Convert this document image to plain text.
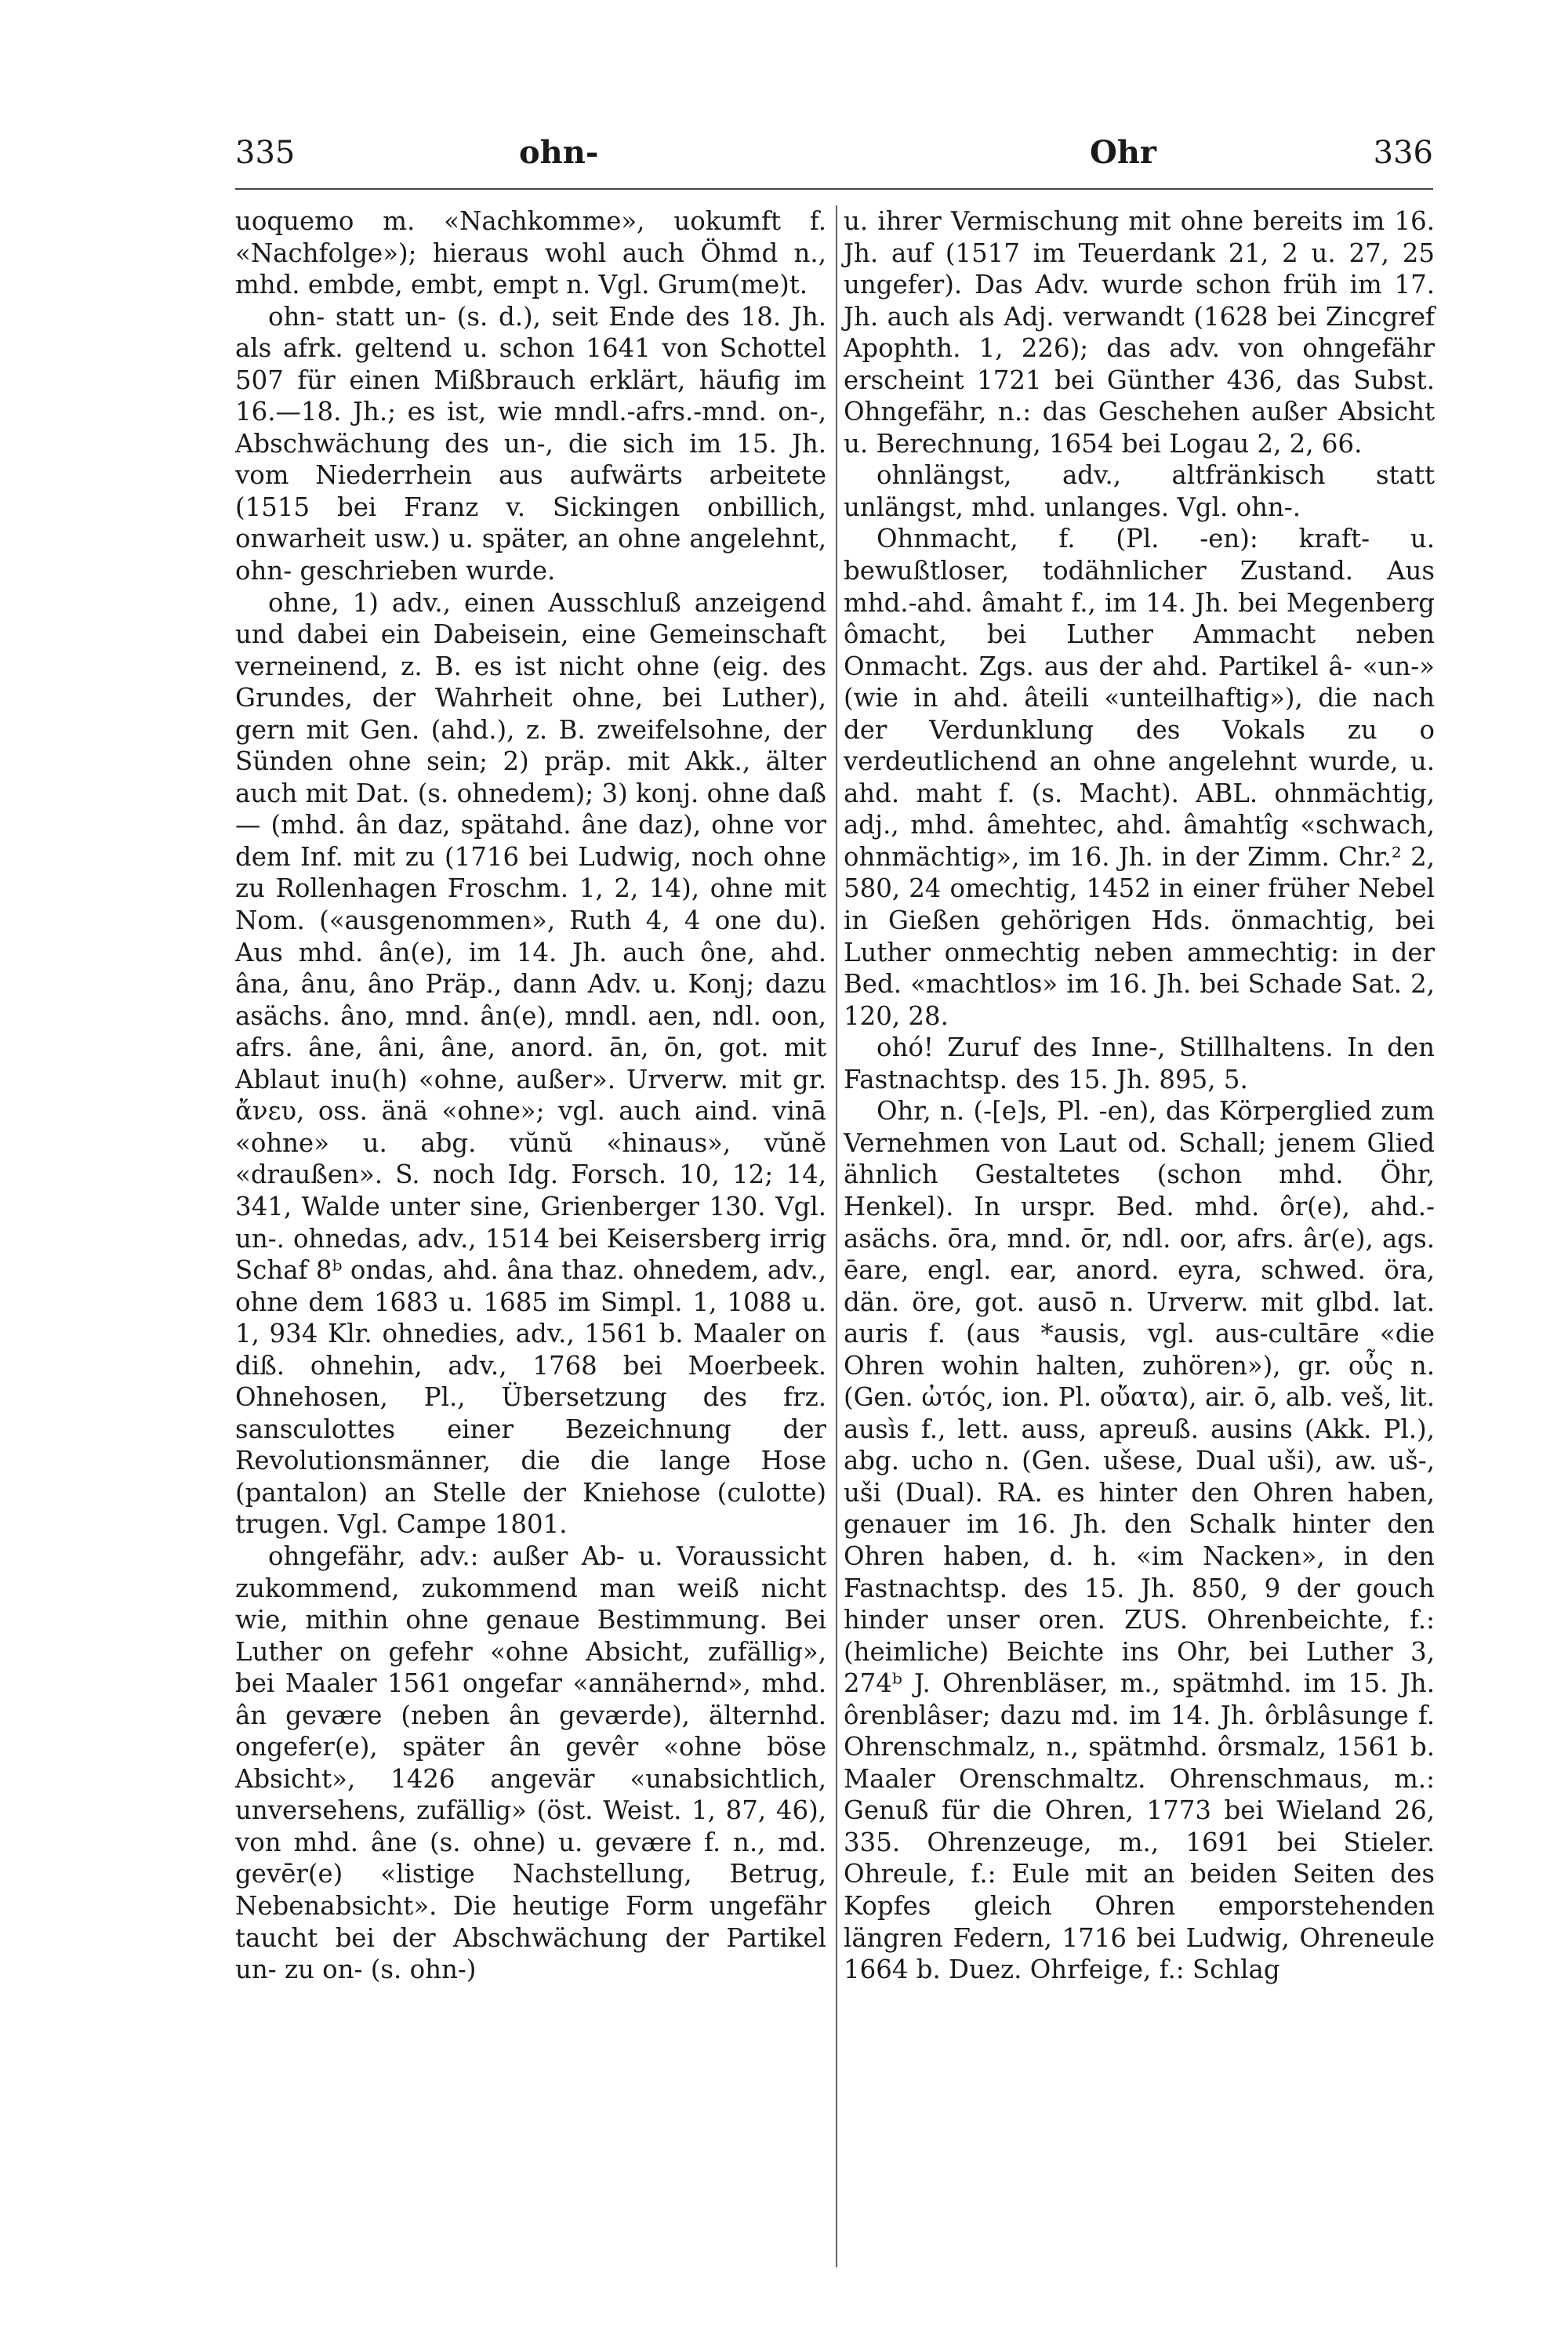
335	ohn-	Ohr	336

uoquemo m. «Nachkomme», uokumft f. «Nachfolge»); hieraus wohl auch Öhmd n., mhd. embde, embt, empt n. Vgl. Grum(me)t.

ohn- statt un- (s. d.), seit Ende des 18. Jh. als afrk. geltend u. schon 1641 von Schottel 507 für einen Mißbrauch erklärt, häufig im 16.—18. Jh.; es ist, wie mndl.-afrs.-mnd. on-, Abschwächung des un-, die sich im 15. Jh. vom Niederrhein aus aufwärts arbeitete (1515 bei Franz v. Sickingen onbillich, onwarheit usw.) u. später, an ohne angelehnt, ohn- geschrieben wurde.

ohne, 1) adv., einen Ausschluß anzeigend und dabei ein Dabeisein, eine Gemeinschaft verneinend, z. B. es ist nicht ohne (eig. des Grundes, der Wahrheit ohne, bei Luther), gern mit Gen. (ahd.), z. B. zweifelsohne, der Sünden ohne sein; 2) präp. mit Akk., älter auch mit Dat. (s. ohnedem); 3) konj. ohne daß — (mhd. ân daz, spätahd. âne daz), ohne vor dem Inf. mit zu (1716 bei Ludwig, noch ohne zu Rollenhagen Froschm. 1, 2, 14), ohne mit Nom. («ausgenommen», Ruth 4, 4 one du). Aus mhd. ân(e), im 14. Jh. auch ône, ahd. âna, ânu, âno Präp., dann Adv. u. Konj; dazu asächs. âno, mnd. ân(e), mndl. aen, ndl. oon, afrs. âne, âni, âne, anord. ān, ōn, got. mit Ablaut inu(h) «ohne, außer». Urverw. mit gr. ἄνευ, oss. änä «ohne»; vgl. auch aind. vinā «ohne» u. abg. vŭnŭ «hinaus», vŭnĕ «draußen». S. noch Idg. Forsch. 10, 12; 14, 341, Walde unter sine, Grienberger 130. Vgl. un-. ohnedas, adv., 1514 bei Keisersberg irrig Schaf 8ᵇ ondas, ahd. âna thaz. ohnedem, adv., ohne dem 1683 u. 1685 im Simpl. 1, 1088 u. 1, 934 Klr. ohnedies, adv., 1561 b. Maaler on diß. ohnehin, adv., 1768 bei Moerbeek. Ohnehosen, Pl., Übersetzung des frz. sansculottes einer Bezeichnung der Revolutionsmänner, die die lange Hose (pantalon) an Stelle der Kniehose (culotte) trugen. Vgl. Campe 1801.

ohngefähr, adv.: außer Ab- u. Voraussicht zukommend, zukommend man weiß nicht wie, mithin ohne genaue Bestimmung. Bei Luther on gefehr «ohne Absicht, zufällig», bei Maaler 1561 ongefar «annähernd», mhd. ân gevære (neben ân geværde), älternhd. ongefer(e), später ân gevêr «ohne böse Absicht», 1426 angevär «unabsichtlich, unversehens, zufällig» (öst. Weist. 1, 87, 46), von mhd. âne (s. ohne) u. gevære f. n., md. gevēr(e) «listige Nachstellung, Betrug, Nebenabsicht». Die heutige Form ungefähr taucht bei der Abschwächung der Partikel un- zu on- (s. ohn-)

u. ihrer Vermischung mit ohne bereits im 16. Jh. auf (1517 im Teuerdank 21, 2 u. 27, 25 ungefer). Das Adv. wurde schon früh im 17. Jh. auch als Adj. verwandt (1628 bei Zincgref Apophth. 1, 226); das adv. von ohngefähr erscheint 1721 bei Günther 436, das Subst. Ohngefähr, n.: das Geschehen außer Absicht u. Berechnung, 1654 bei Logau 2, 2, 66.

ohnlängst, adv., altfränkisch statt unlängst, mhd. unlanges. Vgl. ohn-.

Ohnmacht, f. (Pl. -en): kraft- u. bewußtloser, todähnlicher Zustand. Aus mhd.-ahd. âmaht f., im 14. Jh. bei Megenberg ômacht, bei Luther Ammacht neben Onmacht. Zgs. aus der ahd. Partikel â- «un-» (wie in ahd. âteili «unteilhaftig»), die nach der Verdunklung des Vokals zu o verdeutlichend an ohne angelehnt wurde, u. ahd. maht f. (s. Macht). ABL. ohnmächtig, adj., mhd. âmehtec, ahd. âmahtîg «schwach, ohnmächtig», im 16. Jh. in der Zimm. Chr.² 2, 580, 24 omechtig, 1452 in einer früher Nebel in Gießen gehörigen Hds. önmachtig, bei Luther onmechtig neben ammechtig: in der Bed. «machtlos» im 16. Jh. bei Schade Sat. 2, 120, 28.

ohó! Zuruf des Inne-, Stillhaltens. In den Fastnachtsp. des 15. Jh. 895, 5.

Ohr, n. (-[e]s, Pl. -en), das Körperglied zum Vernehmen von Laut od. Schall; jenem Glied ähnlich Gestaltetes (schon mhd. Öhr, Henkel). In urspr. Bed. mhd. ôr(e), ahd.-asächs. ōra, mnd. ōr, ndl. oor, afrs. âr(e), ags. ēare, engl. ear, anord. eyra, schwed. öra, dän. öre, got. ausō n. Urverw. mit glbd. lat. auris f. (aus *ausis, vgl. aus-cultāre «die Ohren wohin halten, zuhören»), gr. οὖς n. (Gen. ὠτός, ion. Pl. οὔατα), air. ō, alb. veš, lit. ausìs f., lett. auss, apreuß. ausins (Akk. Pl.), abg. ucho n. (Gen. ušese, Dual uši), aw. uš-, uši (Dual). RA. es hinter den Ohren haben, genauer im 16. Jh. den Schalk hinter den Ohren haben, d. h. «im Nacken», in den Fastnachtsp. des 15. Jh. 850, 9 der gouch hinder unser oren. ZUS. Ohrenbeichte, f.: (heimliche) Beichte ins Ohr, bei Luther 3, 274ᵇ J. Ohrenbläser, m., spätmhd. im 15. Jh. ôrenblâser; dazu md. im 14. Jh. ôrblâsunge f. Ohrenschmalz, n., spätmhd. ôrsmalz, 1561 b. Maaler Orenschmaltz. Ohrenschmaus, m.: Genuß für die Ohren, 1773 bei Wieland 26, 335. Ohrenzeuge, m., 1691 bei Stieler. Ohreule, f.: Eule mit an beiden Seiten des Kopfes gleich Ohren emporstehenden längren Federn, 1716 bei Ludwig, Ohreneule 1664 b. Duez. Ohrfeige, f.: Schlag
